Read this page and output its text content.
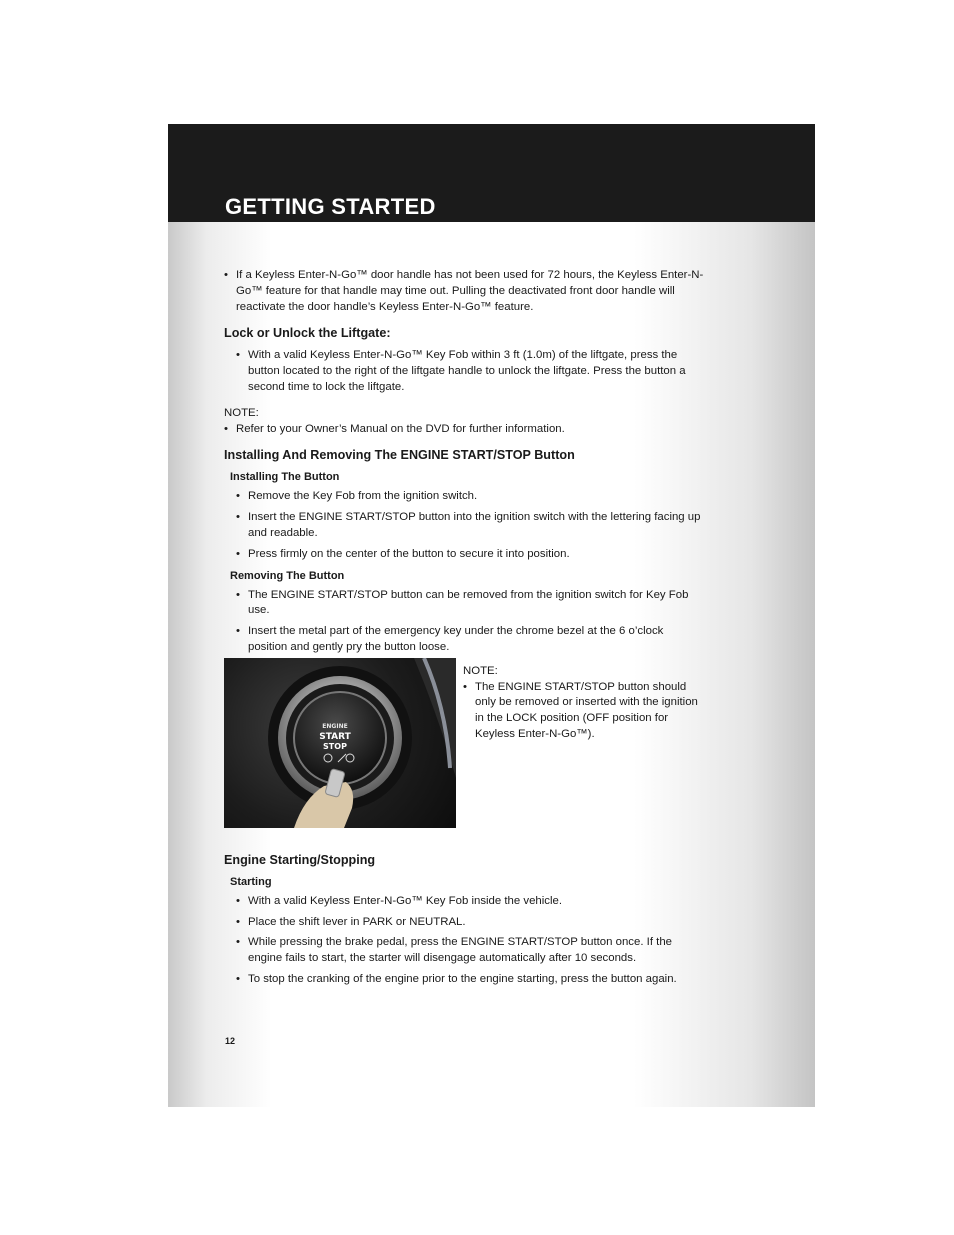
GETTING STARTED

• If a Keyless Enter-N-Go™ door handle has not been used for 72 hours, the Keyless Enter-N-Go™ feature for that handle may time out. Pulling the deactivated front door handle will reactivate the door handle’s Keyless Enter-N-Go™ feature.

Lock or Unlock the Liftgate:

• With a valid Keyless Enter-N-Go™ Key Fob within 3 ft (1.0m) of the liftgate, press the button located to the right of the liftgate handle to unlock the liftgate. Press the button a second time to lock the liftgate.

NOTE:

• Refer to your Owner’s Manual on the DVD for further information.

Installing And Removing The ENGINE START/STOP Button
Installing The Button

• Remove the Key Fob from the ignition switch.

• Insert the ENGINE START/STOP button into the ignition switch with the lettering facing up and readable.

• Press firmly on the center of the button to secure it into position.

Removing The Button

• The ENGINE START/STOP button can be removed from the ignition switch for Key Fob use.

• Insert the metal part of the emergency key under the chrome bezel at the 6 o’clock position and gently pry the button loose.

ENGINE
START
STOP

NOTE:

• The ENGINE START/STOP button should only be removed or inserted with the ignition in the LOCK position (OFF position for Keyless Enter-N-Go™).

Engine Starting/Stopping
Starting

• With a valid Keyless Enter-N-Go™ Key Fob inside the vehicle.

• Place the shift lever in PARK or NEUTRAL.

• While pressing the brake pedal, press the ENGINE START/STOP button once. If the engine fails to start, the starter will disengage automatically after 10 seconds.

• To stop the cranking of the engine prior to the engine starting, press the button again.

12
